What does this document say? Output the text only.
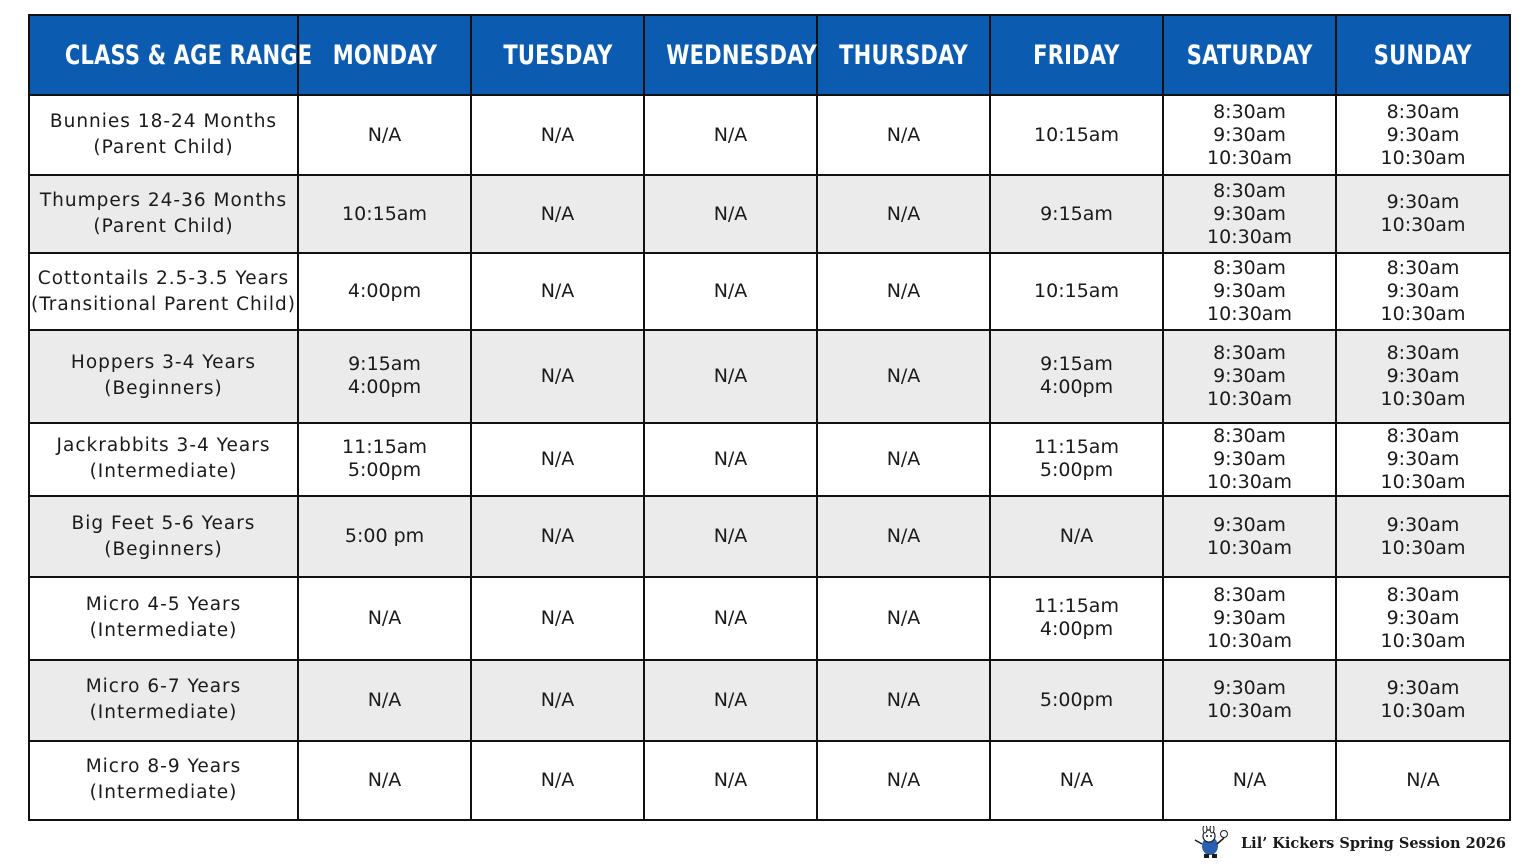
CLASS & AGE RANGE	MONDAY	TUESDAY	WEDNESDAY	THURSDAY	FRIDAY	SATURDAY	SUNDAY

Bunnies 18-24 Months
(Parent Child)	N/A	N/A	N/A	N/A	10:15am	8:30am
9:30am
10:30am	8:30am
9:30am
10:30am

Thumpers 24-36 Months
(Parent Child)	10:15am	N/A	N/A	N/A	9:15am	8:30am
9:30am
10:30am	9:30am
10:30am

Cottontails 2.5-3.5 Years
(Transitional Parent Child)	4:00pm	N/A	N/A	N/A	10:15am	8:30am
9:30am
10:30am	8:30am
9:30am
10:30am

Hoppers 3-4 Years
(Beginners)	9:15am
4:00pm	N/A	N/A	N/A	9:15am
4:00pm	8:30am
9:30am
10:30am	8:30am
9:30am
10:30am

Jackrabbits 3-4 Years
(Intermediate)	11:15am
5:00pm	N/A	N/A	N/A	11:15am
5:00pm	8:30am
9:30am
10:30am	8:30am
9:30am
10:30am

Big Feet 5-6 Years
(Beginners)	5:00 pm	N/A	N/A	N/A	N/A	9:30am
10:30am	9:30am
10:30am

Micro 4-5 Years
(Intermediate)	N/A	N/A	N/A	N/A	11:15am
4:00pm	8:30am
9:30am
10:30am	8:30am
9:30am
10:30am

Micro 6-7 Years
(Intermediate)	N/A	N/A	N/A	N/A	5:00pm	9:30am
10:30am	9:30am
10:30am

Micro 8-9 Years
(Intermediate)	N/A	N/A	N/A	N/A	N/A	N/A	N/A
Lil’ Kickers Spring Session 2026
